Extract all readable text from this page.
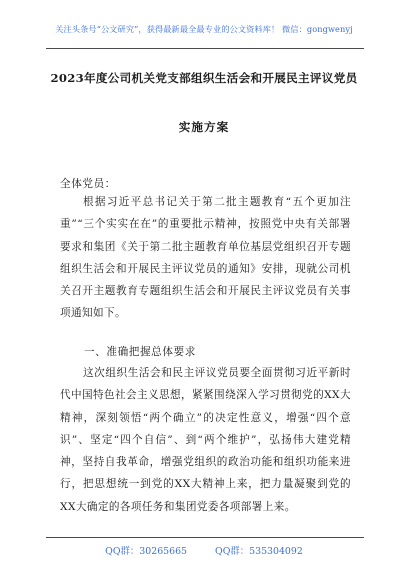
关注头条号“公文研究”，获得最新最全最专业的公文资料库！ 微信：gongwenyj
2023年度公司机关党支部组织生活会和开展民主评议党员
实施方案
全体党员：
根据习近平总书记关于第二批主题教育“五个更加注重”“三个实实在在”的重要批示精神，按照党中央有关部署要求和集团《关于第二批主题教育单位基层党组织召开专题组织生活会和开展民主评议党员的通知》安排，现就公司机关召开主题教育专题组织生活会和开展民主评议党员有关事项通知如下。
一、准确把握总体要求
这次组织生活会和民主评议党员要全面贯彻习近平新时代中国特色社会主义思想，紧紧围绕深入学习贯彻党的XX大精神，深刻领悟“两个确立”的决定性意义，增强“四个意识”、坚定“四个自信”、到“两个维护”，弘扬伟大建党精神，坚持自我革命，增强党组织的政治功能和组织功能来进行，把思想统一到党的XX大精神上来，把力量凝聚到党的XX大确定的各项任务和集团党委各项部署上来。
QQ群：30265665	QQ群：535304092
